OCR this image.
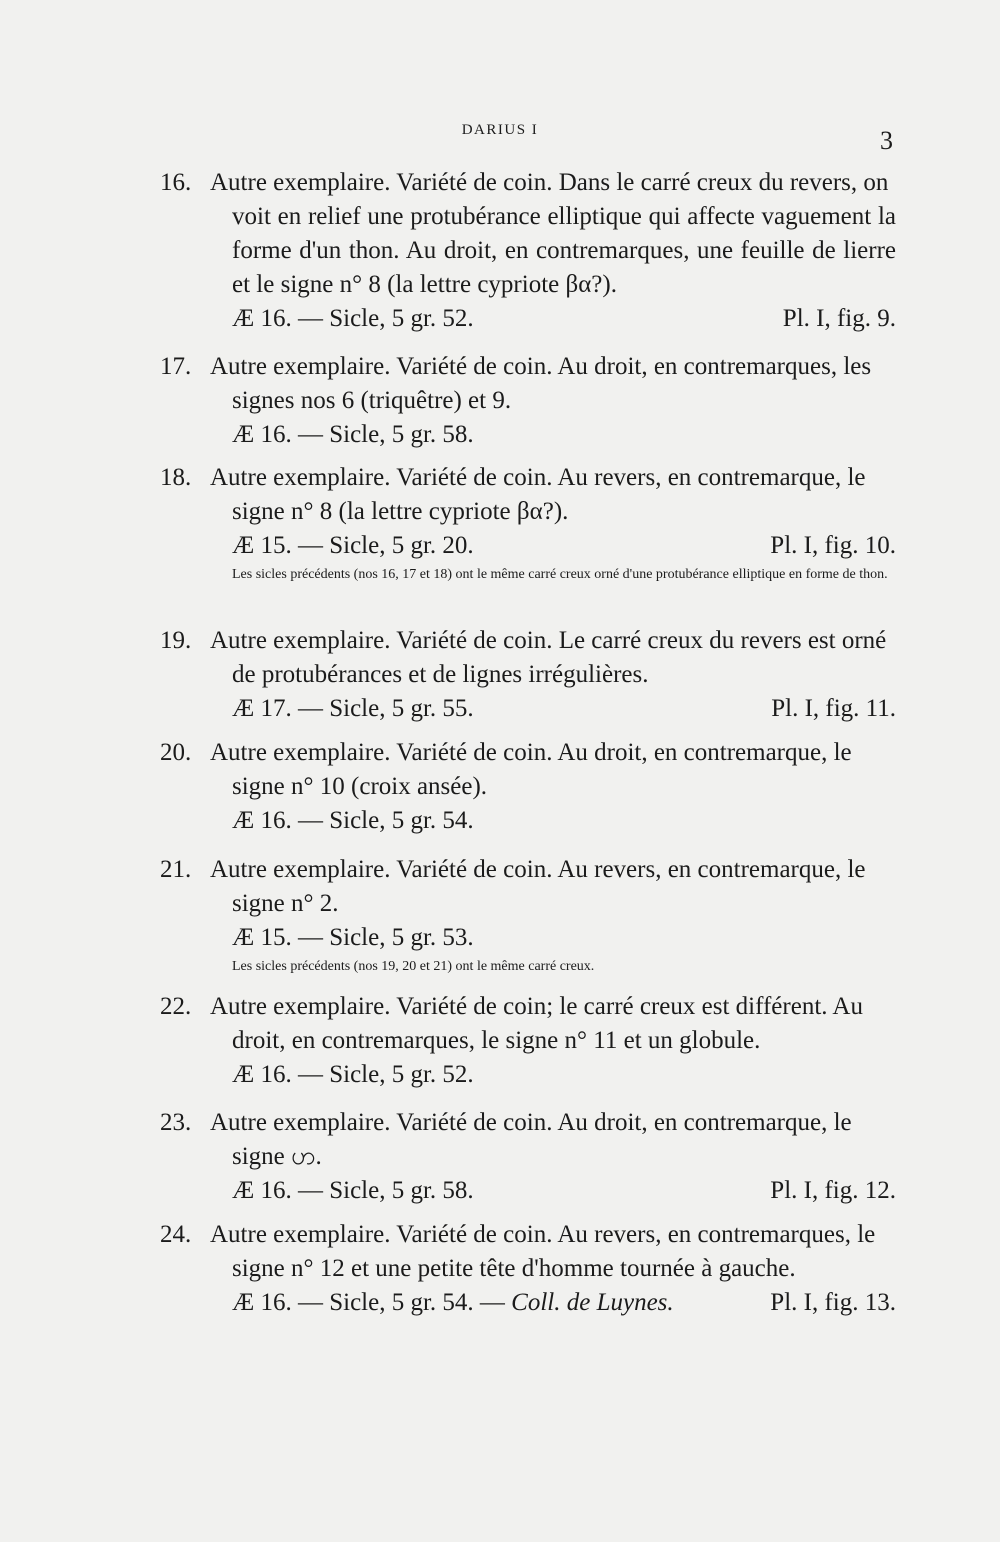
DARIUS I	3
16. Autre exemplaire. Variété de coin. Dans le carré creux du revers, on

voit en relief une protubérance elliptique qui affecte vaguement la forme d'un thon. Au droit, en contremarques, une feuille de lierre et le signe n° 8 (la lettre cypriote βα?).

Æ 16. — Sicle, 5 gr. 52.	Pl. I, fig. 9.
17. Autre exemplaire. Variété de coin. Au droit, en contremarques, les

signes nos 6 (triquêtre) et 9.

Æ 16. — Sicle, 5 gr. 58.
18. Autre exemplaire. Variété de coin. Au revers, en contremarque, le

signe n° 8 (la lettre cypriote βα?).

Æ 15. — Sicle, 5 gr. 20.	Pl. I, fig. 10.
Les sicles précédents (nos 16, 17 et 18) ont le même carré creux orné d'une protubérance elliptique en forme de thon.
19. Autre exemplaire. Variété de coin. Le carré creux du revers est orné

de protubérances et de lignes irrégulières.

Æ 17. — Sicle, 5 gr. 55.	Pl. I, fig. 11.
20. Autre exemplaire. Variété de coin. Au droit, en contremarque, le

signe n° 10 (croix ansée).

Æ 16. — Sicle, 5 gr. 54.
21. Autre exemplaire. Variété de coin. Au revers, en contremarque, le

signe n° 2.

Æ 15. — Sicle, 5 gr. 53.
Les sicles précédents (nos 19, 20 et 21) ont le même carré creux.
22. Autre exemplaire. Variété de coin; le carré creux est différent. Au

droit, en contremarques, le signe n° 11 et un globule.

Æ 16. — Sicle, 5 gr. 52.
23. Autre exemplaire. Variété de coin. Au droit, en contremarque, le

signe ဟ.

Æ 16. — Sicle, 5 gr. 58.	Pl. I, fig. 12.
24. Autre exemplaire. Variété de coin. Au revers, en contremarques, le

signe n° 12 et une petite tête d'homme tournée à gauche.

Æ 16. — Sicle, 5 gr. 54. — Coll. de Luynes.	Pl. I, fig. 13.
